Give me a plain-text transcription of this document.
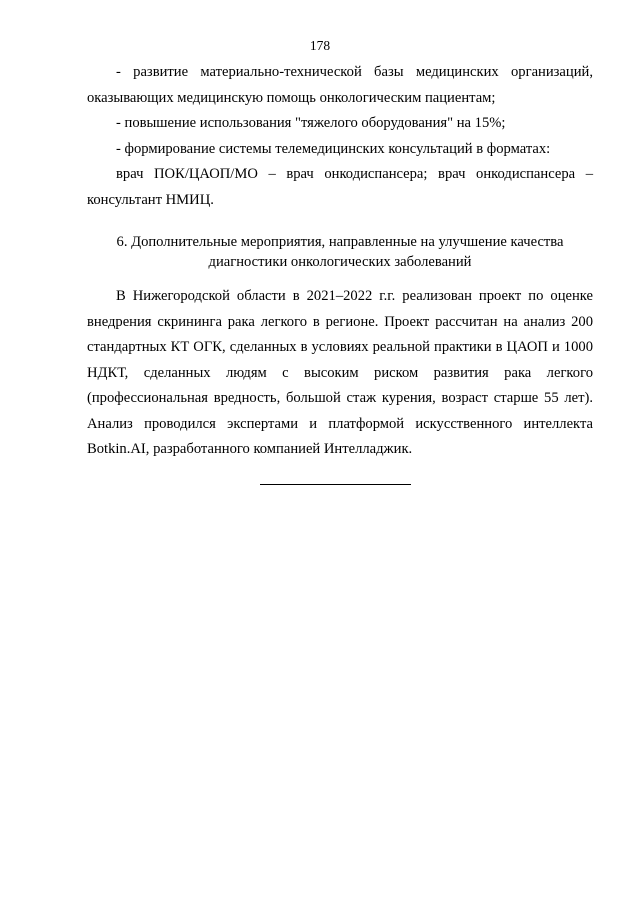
178

- развитие материально-технической базы медицинских организаций, оказывающих медицинскую помощь онкологическим пациентам;

- повышение использования "тяжелого оборудования" на 15%;

- формирование системы телемедицинских консультаций в форматах:

врач ПОК/ЦАОП/МО – врач онкодиспансера; врач онкодиспансера – консультант НМИЦ.

6. Дополнительные мероприятия, направленные на улучшение качества диагностики онкологических заболеваний

В Нижегородской области в 2021–2022 г.г. реализован проект по оценке внедрения скрининга рака легкого в регионе. Проект рассчитан на анализ 200 стандартных КТ ОГК, сделанных в условиях реальной практики в ЦАОП и 1000 НДКТ, сделанных людям с высоким риском развития рака легкого (профессиональная вредность, большой стаж курения, возраст старше 55 лет). Анализ проводился экспертами и платформой искусственного интеллекта Botkin.AI, разработанного компанией Интелладжик.
